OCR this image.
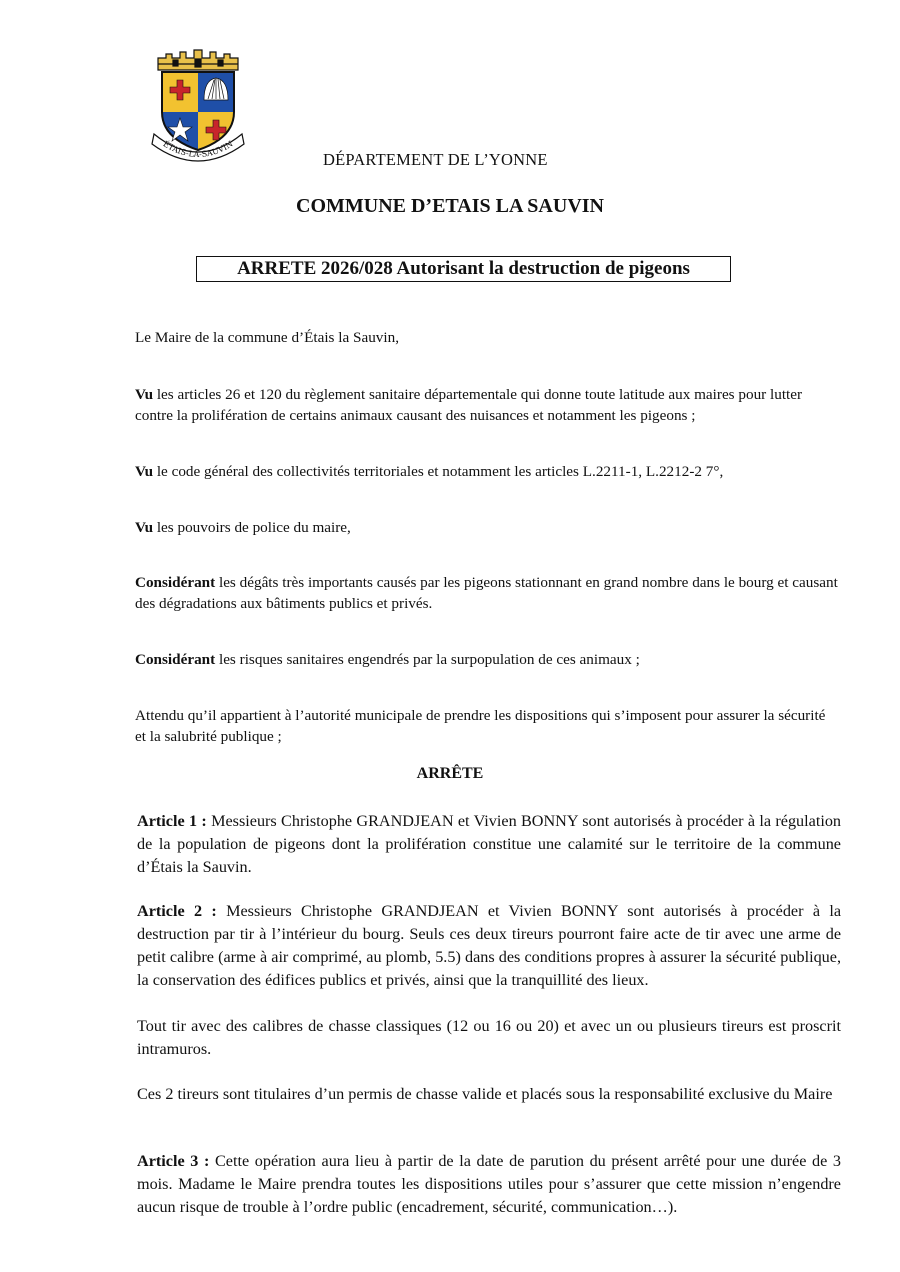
ÉTAIS-LA-SAUVIN
DÉPARTEMENT DE L’YONNE
COMMUNE D’ETAIS LA SAUVIN
ARRETE 2026/028 Autorisant la destruction de pigeons
Le Maire de la commune d’Étais la Sauvin,
Vu les articles 26 et 120 du règlement sanitaire départementale qui donne toute latitude aux maires pour lutter contre la prolifération de certains animaux causant des nuisances et notamment les pigeons ;
Vu le code général des collectivités territoriales et notamment les articles L.2211-1, L.2212-2 7°,
Vu les pouvoirs de police du maire,
Considérant les dégâts très importants causés par les pigeons stationnant en grand nombre dans le bourg et causant des dégradations aux bâtiments publics et privés.
Considérant les risques sanitaires engendrés par la surpopulation de ces animaux ;
Attendu qu’il appartient à l’autorité municipale de prendre les dispositions qui s’imposent pour assurer la sécurité et la salubrité publique ;
ARRÊTE
Article 1 : Messieurs Christophe GRANDJEAN et Vivien BONNY sont autorisés à procéder à la régulation de la population de pigeons dont la prolifération constitue une calamité sur le territoire de la commune d’Étais la Sauvin.
Article 2 : Messieurs Christophe GRANDJEAN et Vivien BONNY sont autorisés à procéder à la destruction par tir à l’intérieur du bourg. Seuls ces deux tireurs pourront faire acte de tir avec une arme de petit calibre (arme à air comprimé, au plomb, 5.5) dans des conditions propres à assurer la sécurité publique, la conservation des édifices publics et privés, ainsi que la tranquillité des lieux.
Tout tir avec des calibres de chasse classiques (12 ou 16 ou 20) et avec un ou plusieurs tireurs est proscrit intramuros.
Ces 2 tireurs sont titulaires d’un permis de chasse valide et placés sous la responsabilité exclusive du Maire
Article 3 : Cette opération aura lieu à partir de la date de parution du présent arrêté pour une durée de 3 mois. Madame le Maire prendra toutes les dispositions utiles pour s’assurer que cette mission n’engendre aucun risque de trouble à l’ordre public (encadrement, sécurité, communication…).
